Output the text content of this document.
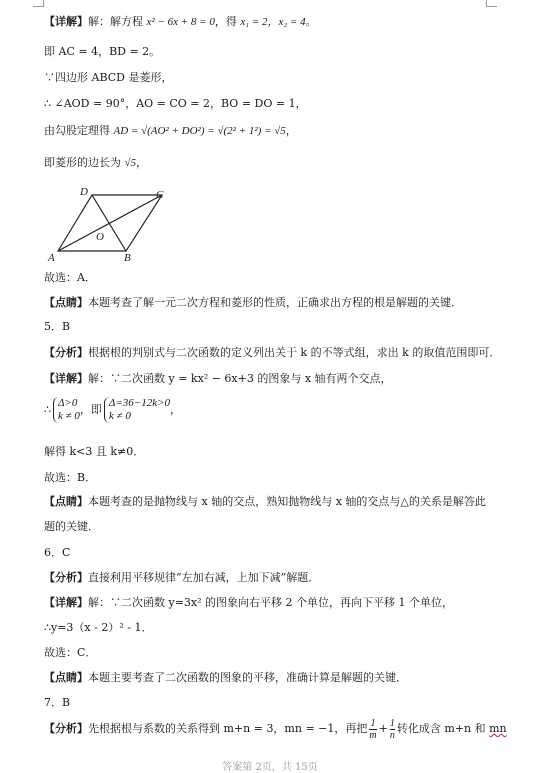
【详解】解：解方程 x² − 6x + 8 = 0，得 x₁ = 2，x₂ = 4。
即 AC = 4，BD = 2。
∵四边形 ABCD 是菱形，
∴ ∠AOD = 90°，AO = CO = 2，BO = DO = 1，
由勾股定理得 AD = √(AO² + DO²) = √(2² + 1²) = √5，
即菱形的边长为 √5，
D	C
O
A	B
故选：A．
【点睛】本题考查了解一元二次方程和菱形的性质，正确求出方程的根是解题的关键．
5．B
【分析】根据根的判别式与二次函数的定义列出关于 k 的不等式组，求出 k 的取值范围即可．
【详解】解：∵二次函数 y = kx² − 6x+3 的图象与 x 轴有两个交点，
∴ Δ>0
k ≠ 0，即 Δ=36−12k>0
k ≠ 0	，
解得 k<3 且 k≠0．
故选：B．
【点睛】本题考查的是抛物线与 x 轴的交点，熟知抛物线与 x 轴的交点与△的关系是解答此
题的关键．
6．C
【分析】直接利用平移规律“左加右减，上加下减”解题．
【详解】解：∵二次函数 y=3x² 的图象向右平移 2 个单位，再向下平移 1 个单位，
∴y=3（x - 2）² - 1．
故选：C．
【点睛】本题主要考查了二次函数的图象的平移，准确计算是解题的关键．
7．B
【分析】先根据根与系数的关系得到 m+n = 3，mn = −1，再把 $\frac{1}{m} + \frac{1}{n}$ 转化成含 m+n 和 mn
答案第 2页，共 15页
